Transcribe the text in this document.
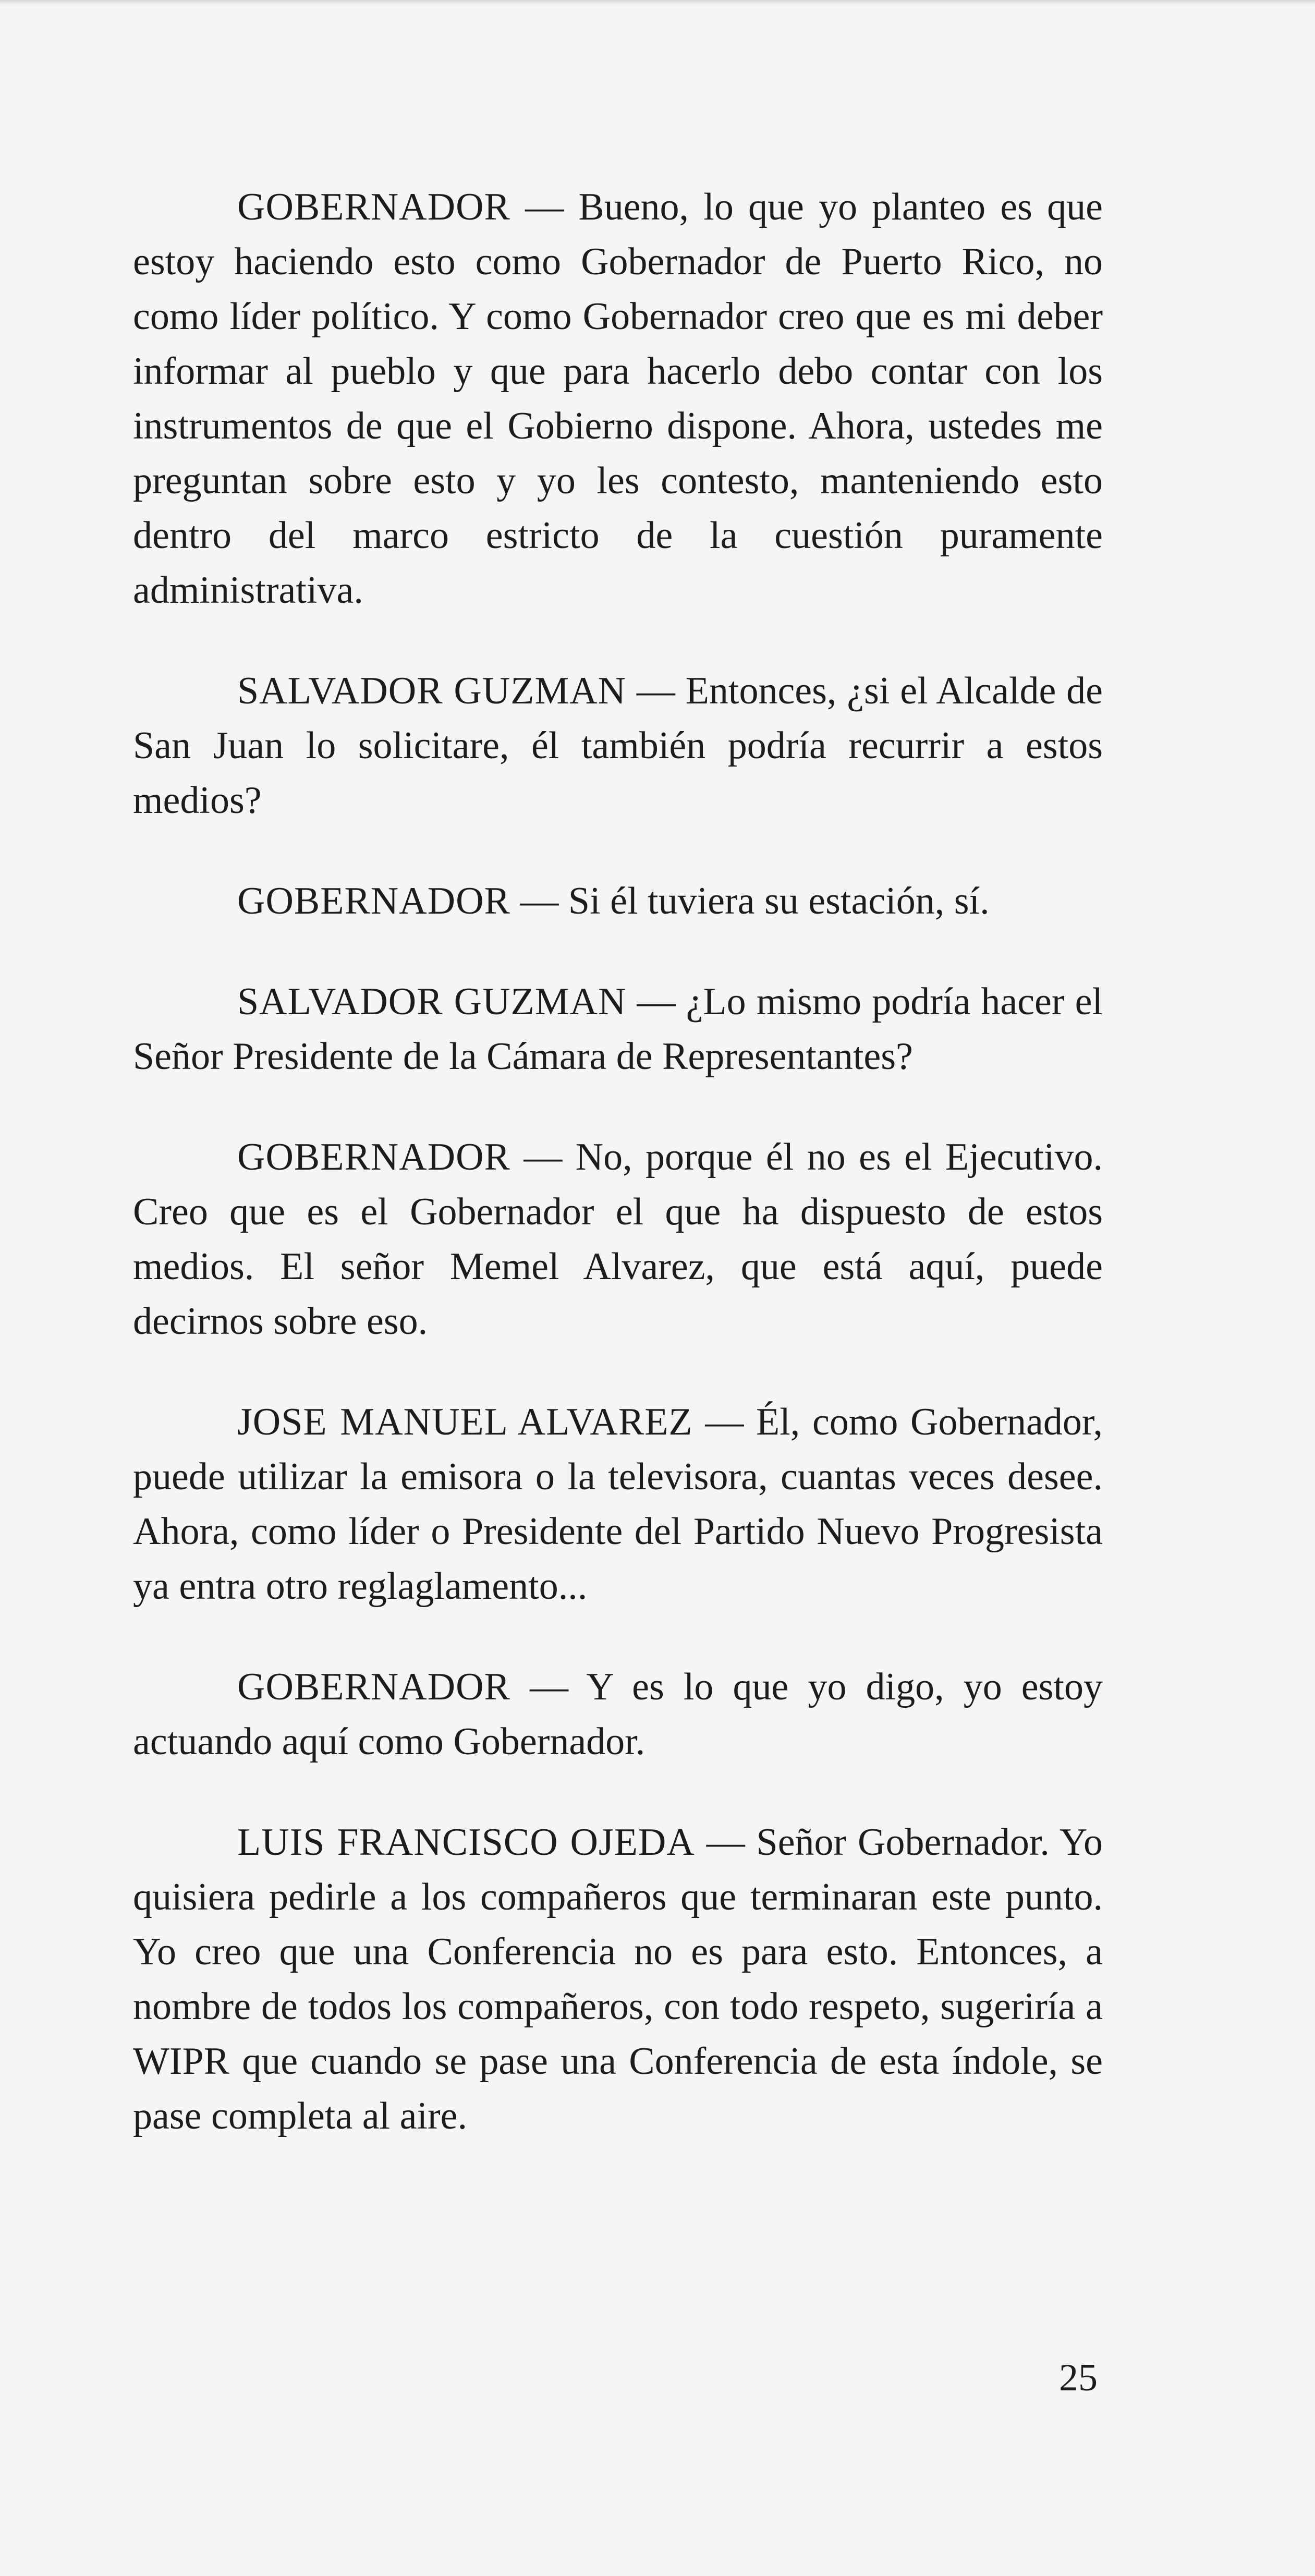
GOBERNADOR — Bueno, lo que yo planteo es que estoy haciendo esto como Gobernador de Puerto Rico, no como líder político. Y como Gobernador creo que es mi deber informar al pueblo y que para hacerlo debo contar con los instrumentos de que el Gobierno dispone. Ahora, ustedes me preguntan sobre esto y yo les contesto, manteniendo esto dentro del marco estricto de la cuestión puramente administrativa.

SALVADOR GUZMAN — Entonces, ¿si el Alcalde de San Juan lo solicitare, él también podría recurrir a estos medios?

GOBERNADOR — Si él tuviera su estación, sí.

SALVADOR GUZMAN — ¿Lo mismo podría hacer el Señor Presidente de la Cámara de Representantes?

GOBERNADOR — No, porque él no es el Ejecutivo. Creo que es el Gobernador el que ha dispuesto de estos medios. El señor Memel Alvarez, que está aquí, puede decirnos sobre eso.

JOSE MANUEL ALVAREZ — Él, como Gobernador, puede utilizar la emisora o la televisora, cuantas veces desee. Ahora, como líder o Presidente del Partido Nuevo Progresista ya entra otro reglaglamento...

GOBERNADOR — Y es lo que yo digo, yo estoy actuando aquí como Gobernador.

LUIS FRANCISCO OJEDA — Señor Gobernador. Yo quisiera pedirle a los compañeros que terminaran este punto. Yo creo que una Conferencia no es para esto. Entonces, a nombre de todos los compañeros, con todo respeto, sugeriría a WIPR que cuando se pase una Conferencia de esta índole, se pase completa al aire.

25
